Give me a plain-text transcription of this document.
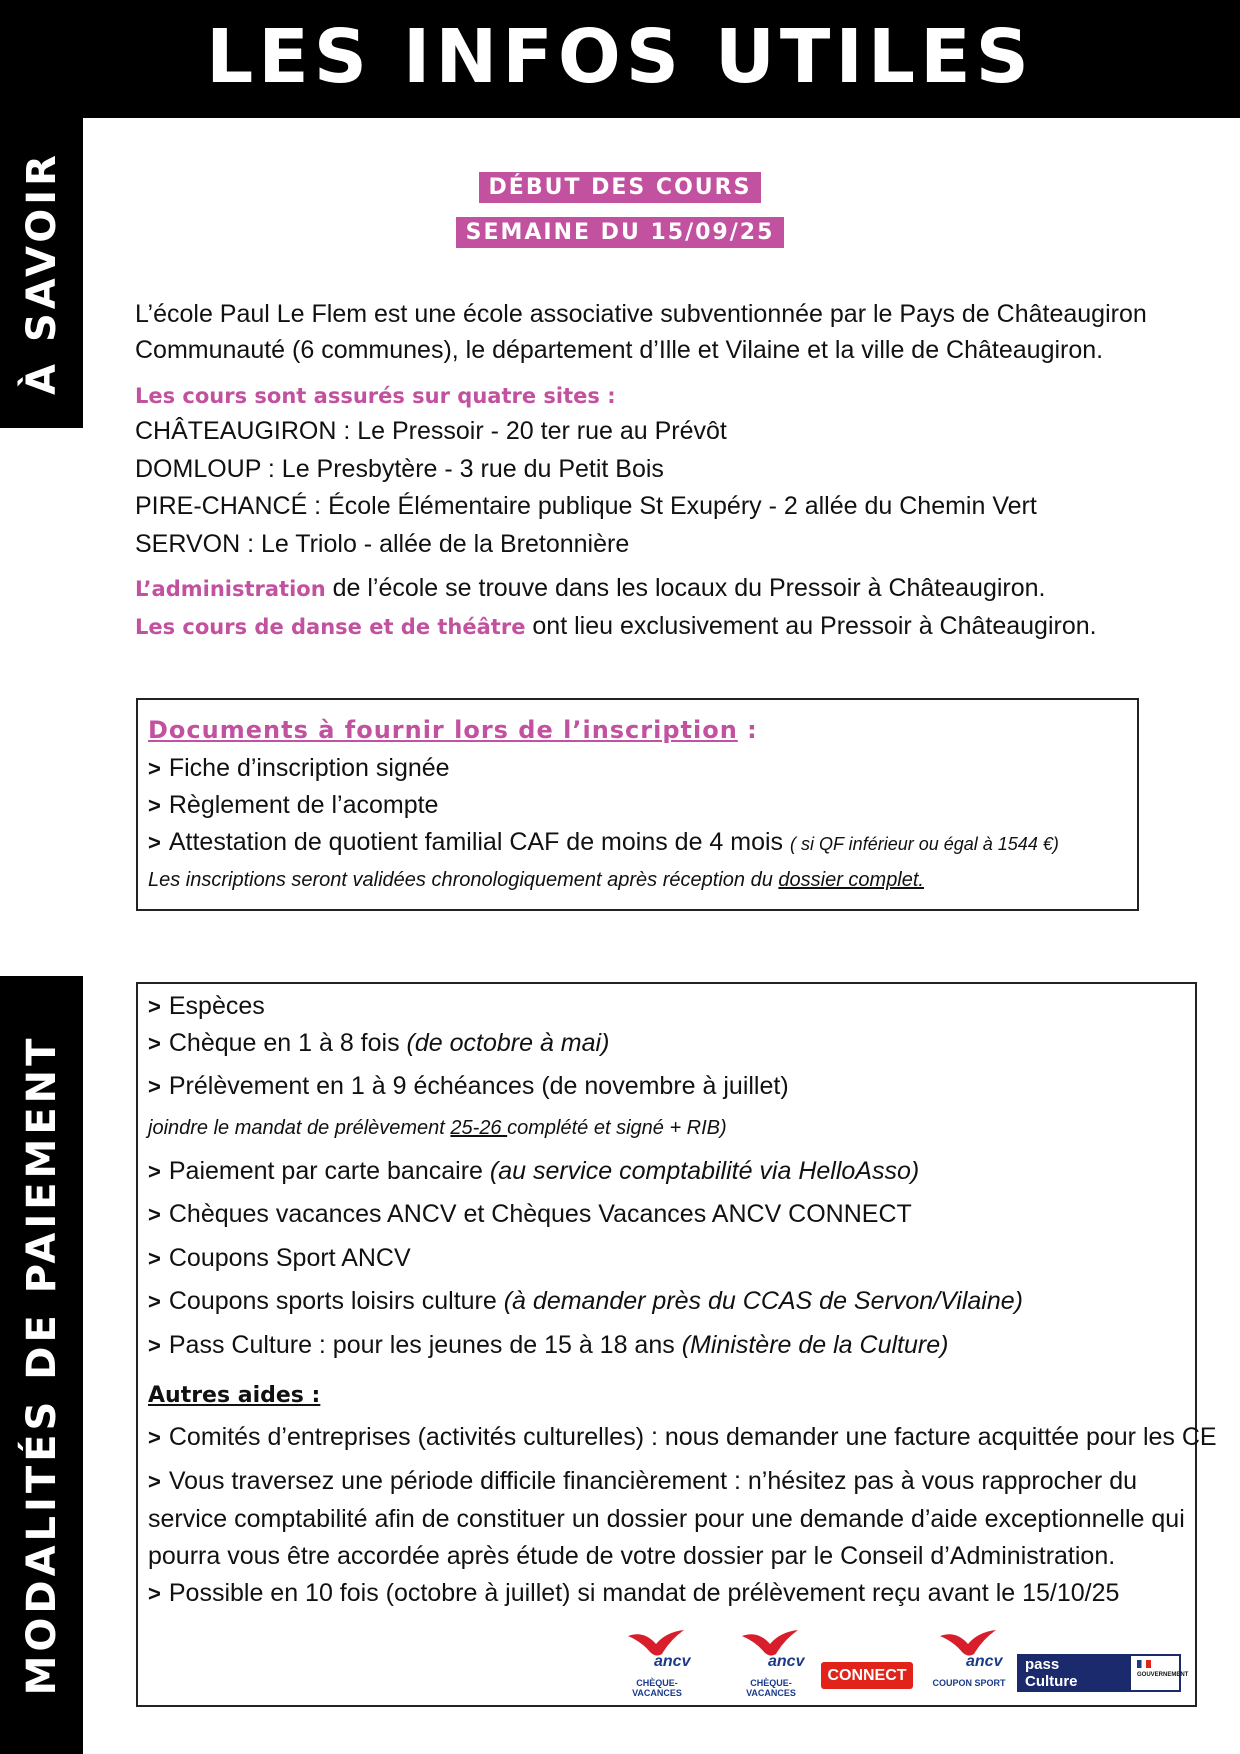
LES INFOS UTILES
À SAVOIR
MODALITÉS DE PAIEMENT
DÉBUT DES COURS
SEMAINE DU 15/09/25
L’école Paul Le Flem est une école associative subventionnée par le Pays de Châteaugiron
Communauté (6 communes), le département d’Ille et Vilaine et la ville de Châteaugiron.
Les cours sont assurés sur quatre sites :
CHÂTEAUGIRON : Le Pressoir - 20 ter rue au Prévôt
DOMLOUP : Le Presbytère - 3 rue du Petit Bois
PIRE-CHANCÉ : École Élémentaire publique St Exupéry - 2 allée du Chemin Vert
SERVON : Le Triolo - allée de la Bretonnière
L’administration de l’école se trouve dans les locaux du Pressoir à Châteaugiron.
Les cours de danse et de théâtre ont lieu exclusivement au Pressoir à Châteaugiron.
Documents à fournir lors de l’inscription :
> Fiche d’inscription signée
> Règlement de l’acompte
> Attestation de quotient familial CAF de moins de 4 mois ( si QF inférieur ou égal à 1544 €)
Les inscriptions seront validées chronologiquement après réception du dossier complet.
> Espèces
> Chèque en 1 à 8 fois (de octobre à mai)
> Prélèvement en 1 à 9 échéances (de novembre à juillet)
joindre le mandat de prélèvement 25-26 complété et signé + RIB)
> Paiement par carte bancaire (au service comptabilité via HelloAsso)
> Chèques vacances ANCV et Chèques Vacances ANCV CONNECT
> Coupons Sport ANCV
> Coupons sports loisirs culture (à demander près du CCAS de Servon/Vilaine)
> Pass Culture : pour les jeunes de 15 à 18 ans (Ministère de la Culture)
Autres aides :
> Comités d’entreprises (activités culturelles) : nous demander une facture acquittée pour les CE
> Vous traversez une période difficile financièrement : n’hésitez pas à vous rapprocher du
service comptabilité afin de constituer un dossier pour une demande d’aide exceptionnelle qui
pourra vous être accordée après étude de votre dossier par le Conseil d’Administration.
> Possible en 10 fois (octobre à juillet) si mandat de prélèvement reçu avant le 15/10/25
ancv
CHÈQUE-VACANCES
ancv
CHÈQUE-VACANCES
CONNECT
ancv
COUPON SPORT
pass
Culture	GOUVERNEMENT
